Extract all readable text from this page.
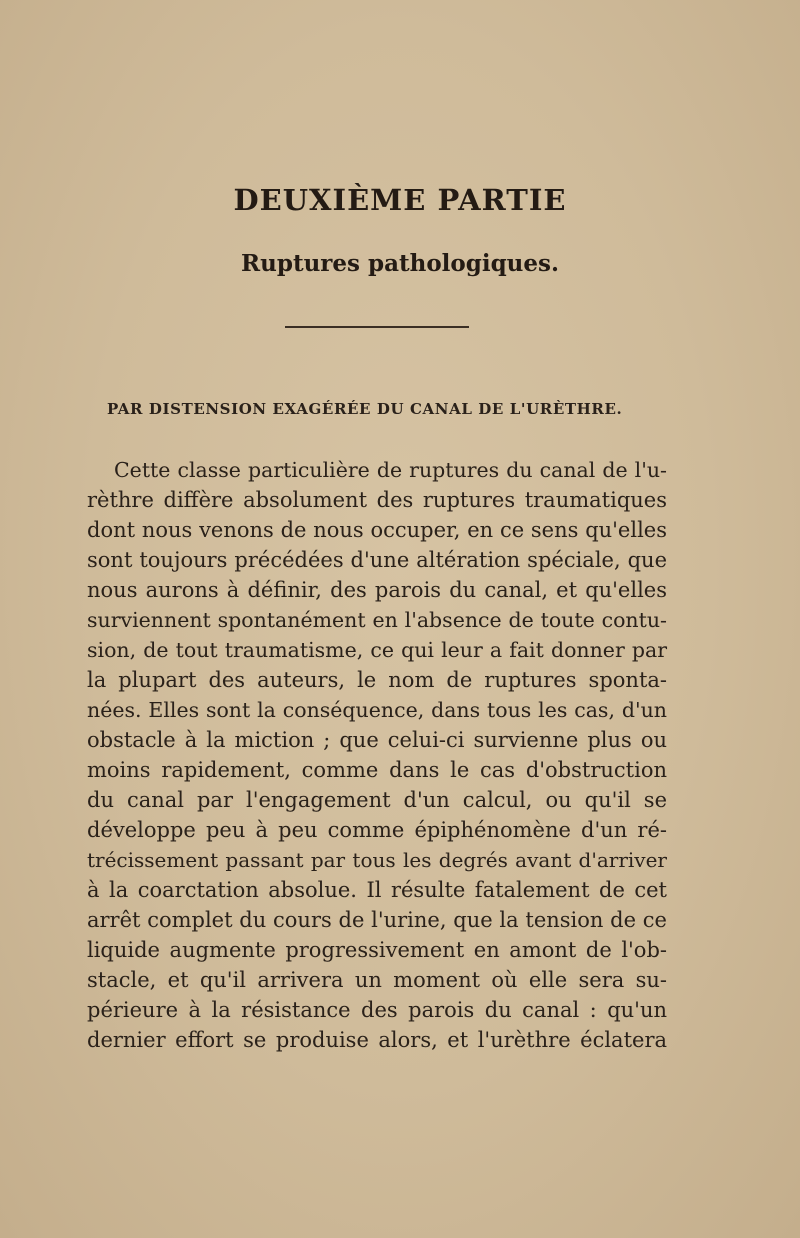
DEUXIÈME PARTIE
Ruptures pathologiques.
PAR DISTENSION EXAGÉRÉE DU CANAL DE L'URÈTHRE.

Cette classe particulière de ruptures du canal de l'u-
rèthre diffère absolument des ruptures traumatiques
dont nous venons de nous occuper, en ce sens qu'elles
sont toujours précédées d'une altération spéciale, que
nous aurons à définir, des parois du canal, et qu'elles
surviennent spontanément en l'absence de toute contu-
sion, de tout traumatisme, ce qui leur a fait donner par
la plupart des auteurs, le nom de ruptures sponta-
nées. Elles sont la conséquence, dans tous les cas, d'un
obstacle à la miction ; que celui-ci survienne plus ou
moins rapidement, comme dans le cas d'obstruction
du canal par l'engagement d'un calcul, ou qu'il se
développe peu à peu comme épiphénomène d'un ré-
trécissement passant par tous les degrés avant d'arriver
à la coarctation absolue. Il résulte fatalement de cet
arrêt complet du cours de l'urine, que la tension de ce
liquide augmente progressivement en amont de l'ob-
stacle, et qu'il arrivera un moment où elle sera su-
périeure à la résistance des parois du canal : qu'un
dernier effort se produise alors, et l'urèthre éclatera
